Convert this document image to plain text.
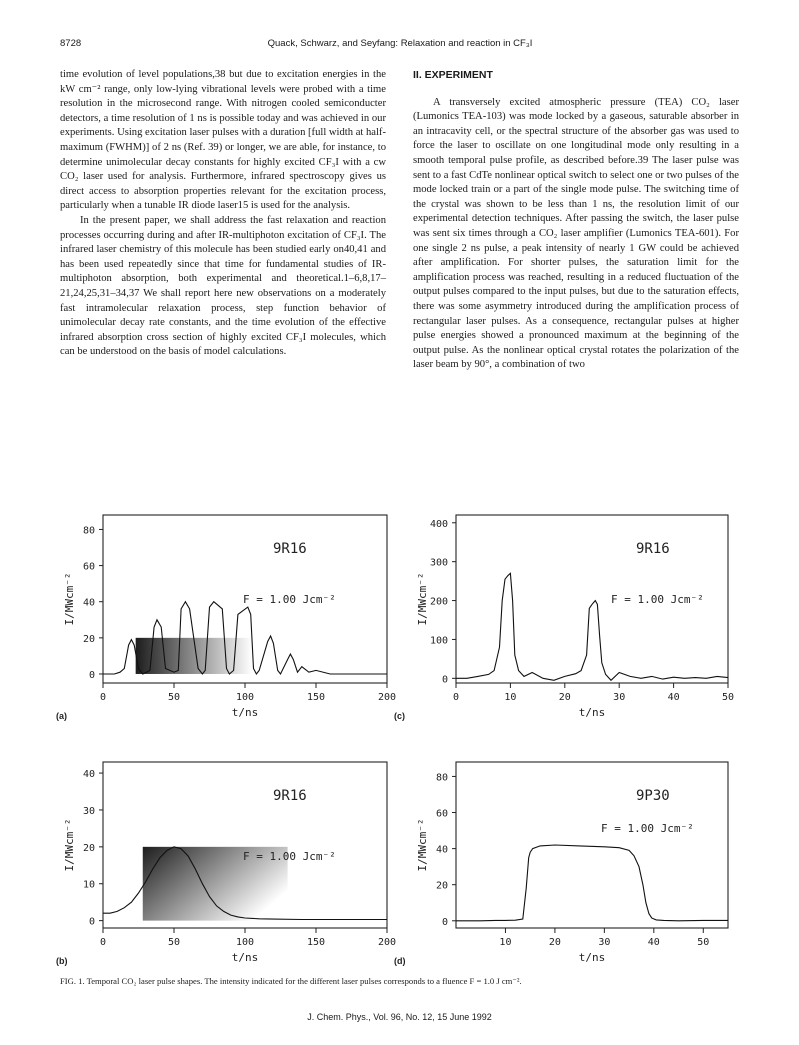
8728	Quack, Schwarz, and Seyfang: Relaxation and reaction in CF₃I

time evolution of level populations,38 but due to excitation energies in the kW cm⁻² range, only low-lying vibrational levels were probed with a time resolution in the microsecond range. With nitrogen cooled semiconducter detectors, a time resolution of 1 ns is possible today and was achieved in our experiments. Using excitation laser pulses with a duration [full width at half-maximum (FWHM)] of 2 ns (Ref. 39) or longer, we are able, for instance, to determine unimolecular decay constants for highly excited CF₃I with a cw CO₂ laser used for analysis. Furthermore, infrared spectroscopy gives us direct access to absorption properties relevant for the excitation process, particularly when a tunable IR diode laser15 is used for the analysis.

In the present paper, we shall address the fast relaxation and reaction processes occurring during and after IR-multiphoton excitation of CF₃I. The infrared laser chemistry of this molecule has been studied early on40,41 and has been used repeatedly since that time for fundamental studies of IR-multiphoton absorption, both experimental and theoretical.1–6,8,17–21,24,25,31–34,37 We shall report here new observations on a moderately fast intramolecular relaxation process, step function behavior of unimolecular decay rate constants, and the time evolution of the effective infrared absorption cross section of highly excited CF₃I molecules, which can be understood on the basis of model calculations.

II. EXPERIMENT

A transversely excited atmospheric pressure (TEA) CO₂ laser (Lumonics TEA-103) was mode locked by a gaseous, saturable absorber in an intracavity cell, or the spectral structure of the absorber gas was used to force the laser to oscillate on one longitudinal mode only resulting in a smooth temporal pulse profile, as described before.39 The laser pulse was sent to a fast CdTe nonlinear optical switch to select one or two pulses of the mode locked train or a part of the single mode pulse. The switching time of the crystal was shown to be less than 1 ns, the resolution limit of our experimental detection techniques. After passing the switch, the laser pulse was sent six times through a CO₂ laser amplifier (Lumonics TEA-601). For one single 2 ns pulse, a peak intensity of nearly 1 GW could be achieved after amplification. For shorter pulses, the saturation limit for the amplification process was reached, resulting in a reduced fluctuation of the output pulses compared to the input pulses, but due to the saturation effects, there was some asymmetry introduced during the amplification process of rectangular laser pulses. As a consequence, rectangular pulses at higher pulse energies showed a pronounced maximum at the beginning of the output pulse. As the nonlinear optical crystal rotates the polarization of the laser beam by 90°, a combination of two

0	50	100	150	200
0
20
40
60
80
t/ns
I/MWcm⁻²
(a)
9R16
F = 1.00 Jcm⁻²
0	10	20	30	40	50
0
100
200
300
400
t/ns
I/MWcm⁻²
(c)
9R16
F = 1.00 Jcm⁻²
0	50	100	150	200
0
10
20
30
40
t/ns
I/MWcm⁻²
(b)
9R16
F = 1.00 Jcm⁻²
10	20	30	40	50
0
20
40
60
80
t/ns
I/MWcm⁻²
(d)
9P30
F = 1.00 Jcm⁻²
FIG. 1. Temporal CO₂ laser pulse shapes. The intensity indicated for the different laser pulses corresponds to a fluence F = 1.0 J cm⁻².
J. Chem. Phys., Vol. 96, No. 12, 15 June 1992
